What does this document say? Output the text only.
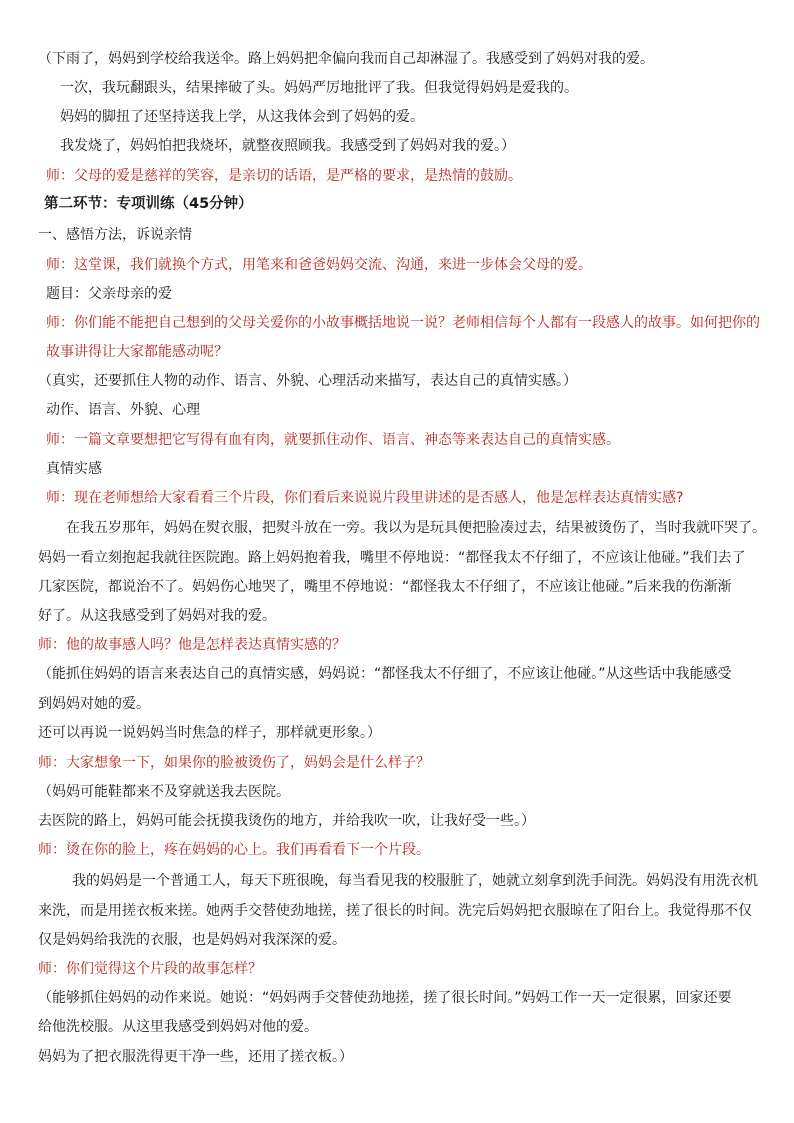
（下雨了，妈妈到学校给我送伞。路上妈妈把伞偏向我而自己却淋湿了。我感受到了妈妈对我的爱。
一次，我玩翻跟头，结果摔破了头。妈妈严厉地批评了我。但我觉得妈妈是爱我的。
妈妈的脚扭了还坚持送我上学，从这我体会到了妈妈的爱。
我发烧了，妈妈怕把我烧坏，就整夜照顾我。我感受到了妈妈对我的爱。）
师：父母的爱是慈祥的笑容，是亲切的话语，是严格的要求，是热情的鼓励。
第二环节：专项训练（45分钟）
一、感悟方法，诉说亲情
师：这堂课，我们就换个方式，用笔来和爸爸妈妈交流、沟通，来进一步体会父母的爱。
题目：父亲母亲的爱
师：你们能不能把自己想到的父母关爱你的小故事概括地说一说？老师相信每个人都有一段感人的故事。如何把你的
故事讲得让大家都能感动呢？
（真实，还要抓住人物的动作、语言、外貌、心理活动来描写，表达自己的真情实感。）
动作、语言、外貌、心理
师：一篇文章要想把它写得有血有肉，就要抓住动作、语言、神态等来表达自己的真情实感。
真情实感
师：现在老师想给大家看看三个片段，你们看后来说说片段里讲述的是否感人，他是怎样表达真情实感?
在我五岁那年，妈妈在熨衣服，把熨斗放在一旁。我以为是玩具便把脸凑过去，结果被烫伤了，当时我就吓哭了。
妈妈一看立刻抱起我就往医院跑。路上妈妈抱着我，嘴里不停地说：“都怪我太不仔细了，不应该让他碰。”我们去了
几家医院，都说治不了。妈妈伤心地哭了，嘴里不停地说：“都怪我太不仔细了，不应该让他碰。”后来我的伤渐渐
好了。从这我感受到了妈妈对我的爱。
师：他的故事感人吗？他是怎样表达真情实感的？
（能抓住妈妈的语言来表达自己的真情实感，妈妈说：“都怪我太不仔细了，不应该让他碰。”从这些话中我能感受
到妈妈对她的爱。
还可以再说一说妈妈当时焦急的样子，那样就更形象。）
师：大家想象一下，如果你的脸被烫伤了，妈妈会是什么样子？
（妈妈可能鞋都来不及穿就送我去医院。
去医院的路上，妈妈可能会抚摸我烫伤的地方，并给我吹一吹，让我好受一些。）
师：烫在你的脸上，疼在妈妈的心上。我们再看看下一个片段。
我的妈妈是一个普通工人，每天下班很晚，每当看见我的校服脏了，她就立刻拿到洗手间洗。妈妈没有用洗衣机
来洗，而是用搓衣板来搓。她两手交替使劲地搓，搓了很长的时间。洗完后妈妈把衣服晾在了阳台上。我觉得那不仅
仅是妈妈给我洗的衣服，也是妈妈对我深深的爱。
师：你们觉得这个片段的故事怎样？
（能够抓住妈妈的动作来说。她说：“妈妈两手交替使劲地搓，搓了很长时间。”妈妈工作一天一定很累，回家还要
给他洗校服。从这里我感受到妈妈对他的爱。
妈妈为了把衣服洗得更干净一些，还用了搓衣板。）
